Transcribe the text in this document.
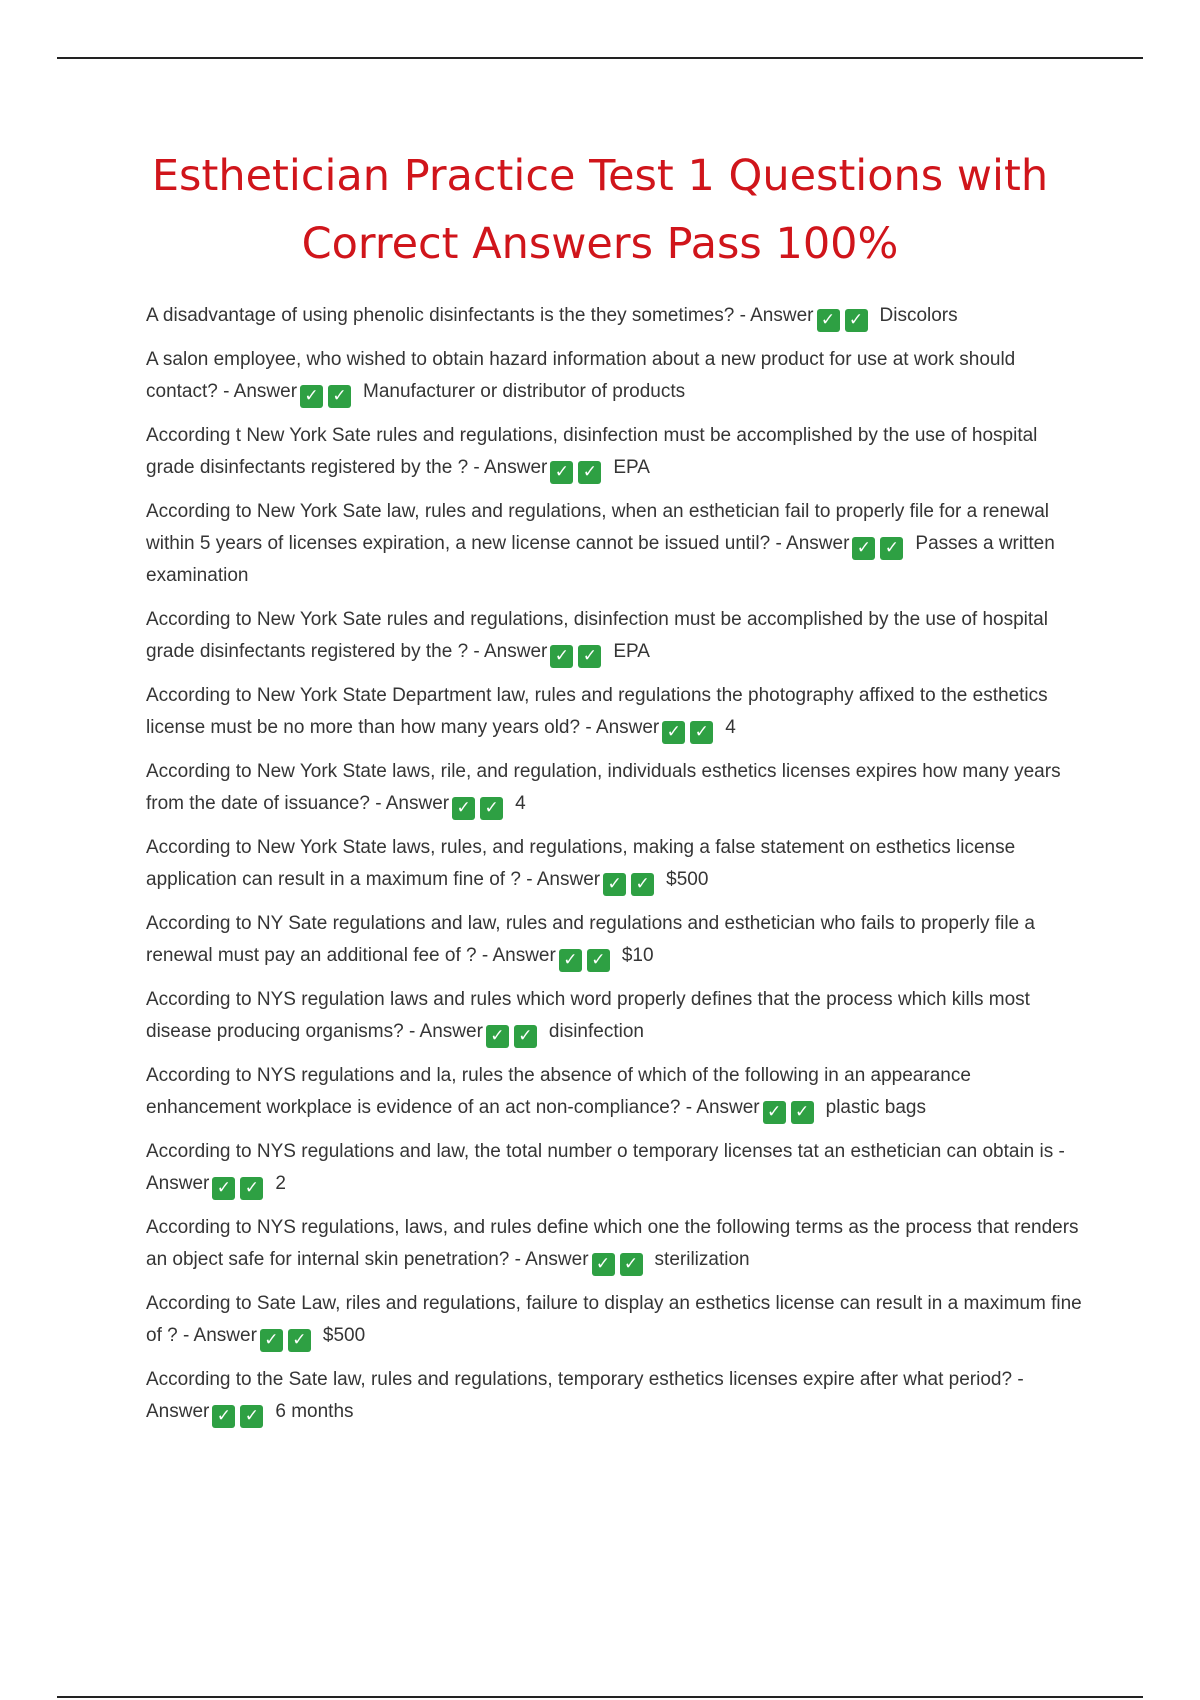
Esthetician Practice Test 1 Questions with Correct Answers Pass 100%

A disadvantage of using phenolic disinfectants is the they sometimes? - Answer ✓ ✓ Discolors

A salon employee, who wished to obtain hazard information about a new product for use at work should contact? - Answer ✓ ✓ Manufacturer or distributor of products

According t New York Sate rules and regulations, disinfection must be accomplished by the use of hospital grade disinfectants registered by the ? - Answer ✓ ✓ EPA

According to New York Sate law, rules and regulations, when an esthetician fail to properly file for a renewal within 5 years of licenses expiration, a new license cannot be issued until? - Answer ✓ ✓ Passes a written examination

According to New York Sate rules and regulations, disinfection must be accomplished by the use of hospital grade disinfectants registered by the ? - Answer ✓ ✓ EPA

According to New York State Department law, rules and regulations the photography affixed to the esthetics license must be no more than how many years old? - Answer ✓ ✓ 4

According to New York State laws, rile, and regulation, individuals esthetics licenses expires how many years from the date of issuance? - Answer ✓ ✓ 4

According to New York State laws, rules, and regulations, making a false statement on esthetics license application can result in a maximum fine of ? - Answer ✓ ✓ $500

According to NY Sate regulations and law, rules and regulations and esthetician who fails to properly file a renewal must pay an additional fee of ? - Answer ✓ ✓ $10

According to NYS regulation laws and rules which word properly defines that the process which kills most disease producing organisms? - Answer ✓ ✓ disinfection

According to NYS regulations and la, rules the absence of which of the following in an appearance enhancement workplace is evidence of an act non-compliance? - Answer ✓ ✓ plastic bags

According to NYS regulations and law, the total number o temporary licenses tat an esthetician can obtain is - Answer ✓ ✓ 2

According to NYS regulations, laws, and rules define which one the following terms as the process that renders an object safe for internal skin penetration? - Answer ✓ ✓ sterilization

According to Sate Law, riles and regulations, failure to display an esthetics license can result in a maximum fine of ? - Answer ✓ ✓ $500

According to the Sate law, rules and regulations, temporary esthetics licenses expire after what period? - Answer ✓ ✓ 6 months
